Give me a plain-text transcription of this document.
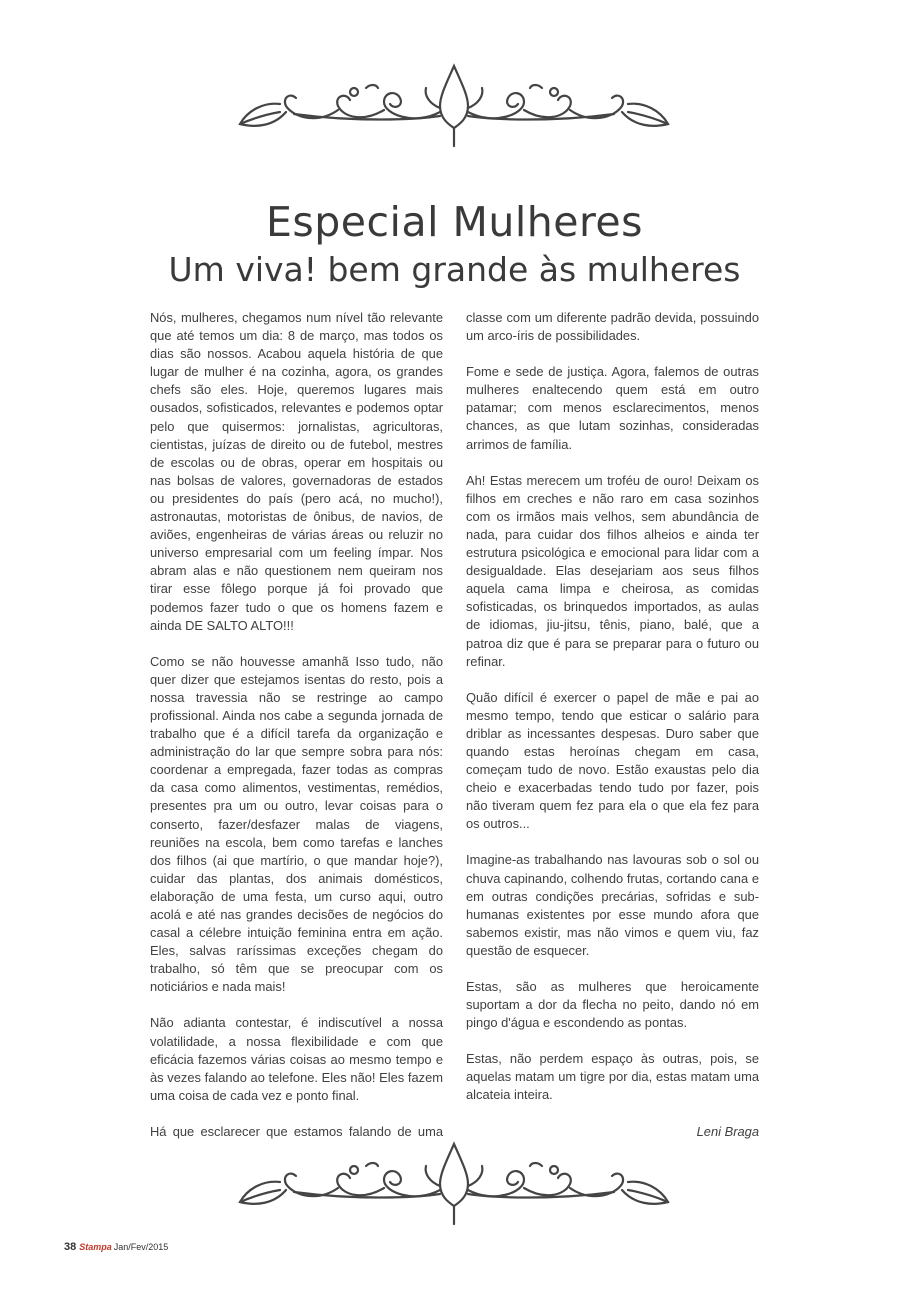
Especial Mulheres
Um viva! bem grande às mulheres

Nós, mulheres, chegamos num nível tão relevante que até temos um dia: 8 de março, mas todos os dias são nossos. Acabou aquela história de que lugar de mulher é na cozinha, agora, os grandes chefs são eles. Hoje, queremos lugares mais ousados, sofisticados, relevantes e podemos optar pelo que quisermos: jornalistas, agricultoras, cientistas, juízas de direito ou de futebol, mestres de escolas ou de obras, operar em hospitais ou nas bolsas de valores, governadoras de estados ou presidentes do país (pero acá, no mucho!), astronautas, motoristas de ônibus, de navios, de aviões, engenheiras de várias áreas ou reluzir no universo empresarial com um feeling ímpar. Nos abram alas e não questionem nem queiram nos tirar esse fôlego porque já foi provado que podemos fazer tudo o que os homens fazem e ainda DE SALTO ALTO!!!

Como se não houvesse amanhã Isso tudo, não quer dizer que estejamos isentas do resto, pois a nossa travessia não se restringe ao campo profissional. Ainda nos cabe a segunda jornada de trabalho que é a difícil tarefa da organização e administração do lar que sempre sobra para nós: coordenar a empregada, fazer todas as compras da casa como alimentos, vestimentas, remédios, presentes pra um ou outro, levar coisas para o conserto, fazer/desfazer malas de viagens, reuniões na escola, bem como tarefas e lanches dos filhos (ai que martírio, o que mandar hoje?), cuidar das plantas, dos animais domésticos, elaboração de uma festa, um curso aqui, outro acolá e até nas grandes decisões de negócios do casal a célebre intuição feminina entra em ação. Eles, salvas raríssimas exceções chegam do trabalho, só têm que se preocupar com os noticiários e nada mais!

Não adianta contestar, é indiscutível a nossa volatilidade, a nossa flexibilidade e com que eficácia fazemos várias coisas ao mesmo tempo e às vezes falando ao telefone. Eles não! Eles fazem uma coisa de cada vez e ponto final.

Há que esclarecer que estamos falando de uma

classe com um diferente padrão devida, possuindo um arco-íris de possibilidades.

Fome e sede de justiça. Agora, falemos de outras mulheres enaltecendo quem está em outro patamar; com menos esclarecimentos, menos chances, as que lutam sozinhas, consideradas arrimos de família.

Ah! Estas merecem um troféu de ouro! Deixam os filhos em creches e não raro em casa sozinhos com os irmãos mais velhos, sem abundância de nada, para cuidar dos filhos alheios e ainda ter estrutura psicológica e emocional para lidar com a desigualdade. Elas desejariam aos seus filhos aquela cama limpa e cheirosa, as comidas sofisticadas, os brinquedos importados, as aulas de idiomas, jiu-jitsu, tênis, piano, balé, que a patroa diz que é para se preparar para o futuro ou refinar.

Quão difícil é exercer o papel de mãe e pai ao mesmo tempo, tendo que esticar o salário para driblar as incessantes despesas. Duro saber que quando estas heroínas chegam em casa, começam tudo de novo. Estão exaustas pelo dia cheio e exacerbadas tendo tudo por fazer, pois não tiveram quem fez para ela o que ela fez para os outros...

Imagine-as trabalhando nas lavouras sob o sol ou chuva capinando, colhendo frutas, cortando cana e em outras condições precárias, sofridas e sub-humanas existentes por esse mundo afora que sabemos existir, mas não vimos e quem viu, faz questão de esquecer.

Estas, são as mulheres que heroicamente suportam a dor da flecha no peito, dando nó em pingo d'água e escondendo as pontas.

Estas, não perdem espaço às outras, pois, se aquelas matam um tigre por dia, estas matam uma alcateia inteira.

Leni Braga
38 Stampa Jan/Fev/2015
